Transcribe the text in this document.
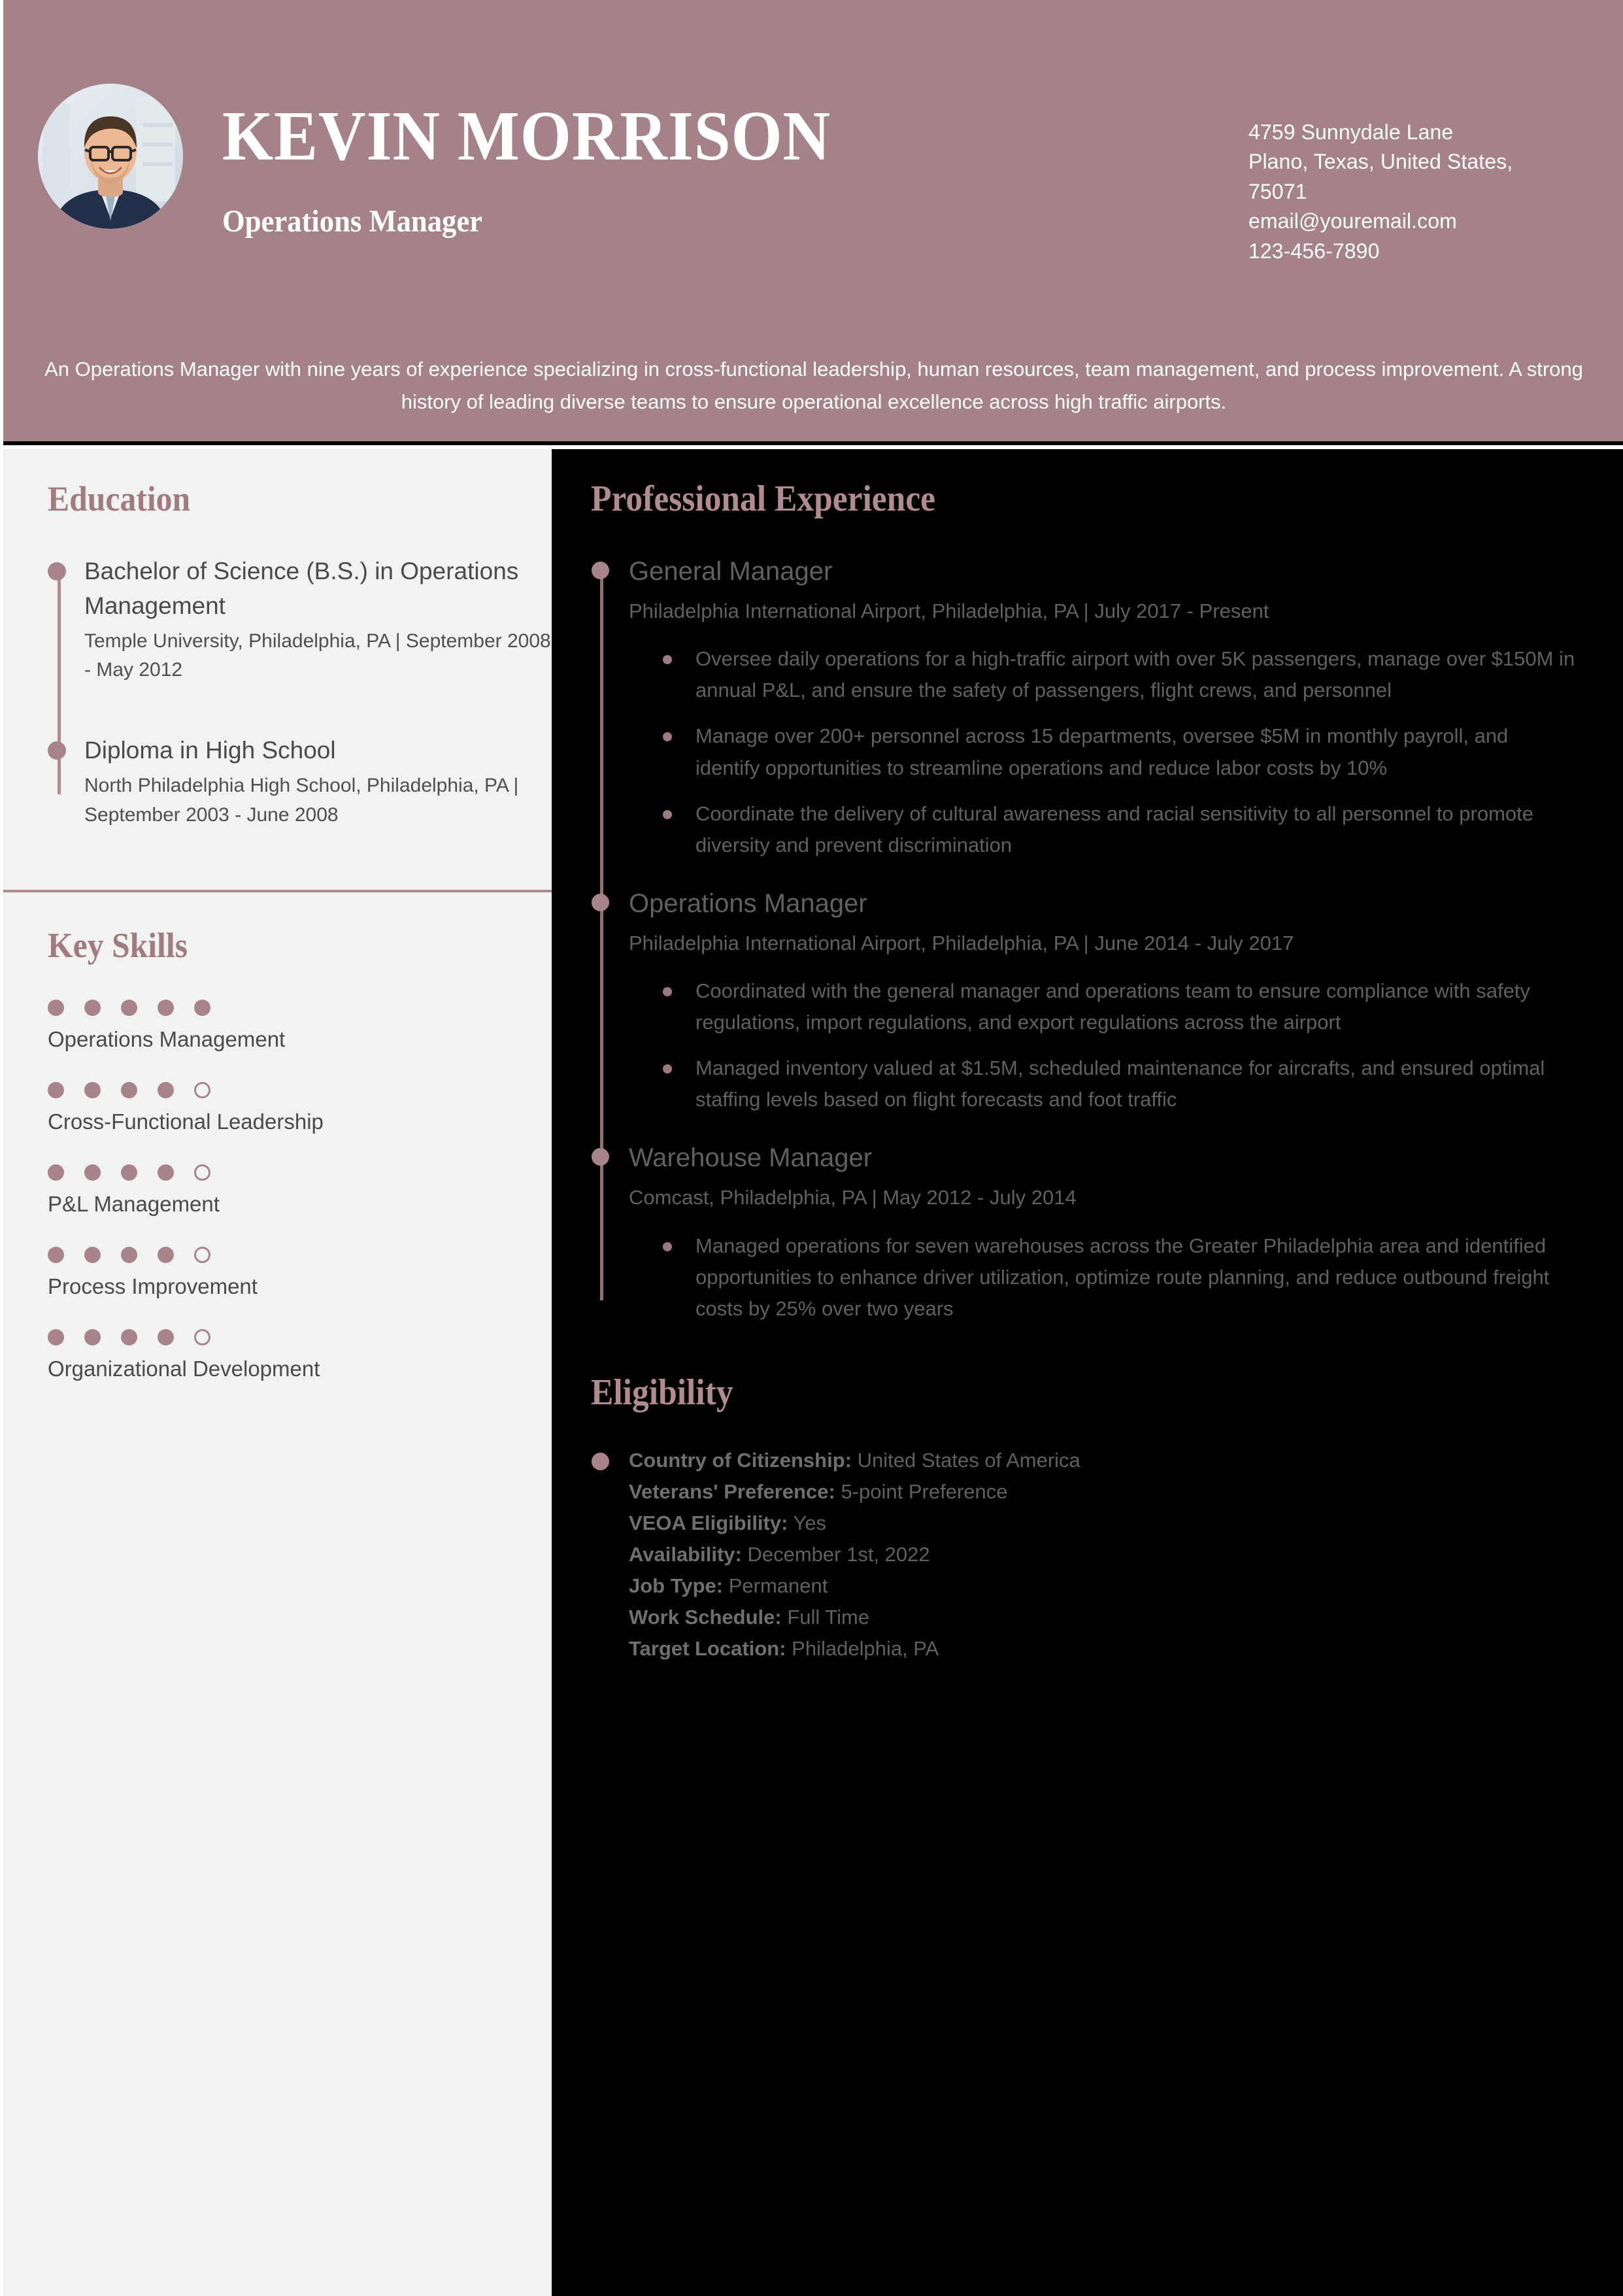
KEVIN MORRISON
Operations Manager
4759 Sunnydale Lane
Plano, Texas, United States,
75071
email@youremail.com
123-456-7890

An Operations Manager with nine years of experience specializing in cross-functional leadership, human resources, team management, and process improvement. A strong history of leading diverse teams to ensure operational excellence across high traffic airports.

Education
Bachelor of Science (B.S.) in Operations Management
Temple University, Philadelphia, PA | September 2008 - May 2012
Diploma in High School
North Philadelphia High School, Philadelphia, PA | September 2003 - June 2008
Key Skills
Operations Management
Cross-Functional Leadership
P&L Management
Process Improvement
Organizational Development
Professional Experience
General Manager
Philadelphia International Airport, Philadelphia, PA | July 2017 - Present
Oversee daily operations for a high-traffic airport with over 5K passengers, manage over $150M in annual P&L, and ensure the safety of passengers, flight crews, and personnel
Manage over 200+ personnel across 15 departments, oversee $5M in monthly payroll, and identify opportunities to streamline operations and reduce labor costs by 10%
Coordinate the delivery of cultural awareness and racial sensitivity to all personnel to promote diversity and prevent discrimination
Operations Manager
Philadelphia International Airport, Philadelphia, PA | June 2014 - July 2017
Coordinated with the general manager and operations team to ensure compliance with safety regulations, import regulations, and export regulations across the airport
Managed inventory valued at $1.5M, scheduled maintenance for aircrafts, and ensured optimal staffing levels based on flight forecasts and foot traffic
Warehouse Manager
Comcast, Philadelphia, PA | May 2012 - July 2014
Managed operations for seven warehouses across the Greater Philadelphia area and identified opportunities to enhance driver utilization, optimize route planning, and reduce outbound freight costs by 25% over two years
Eligibility
Country of Citizenship: United States of America
Veterans' Preference: 5-point Preference
VEOA Eligibility: Yes
Availability: December 1st, 2022
Job Type: Permanent
Work Schedule: Full Time
Target Location: Philadelphia, PA
